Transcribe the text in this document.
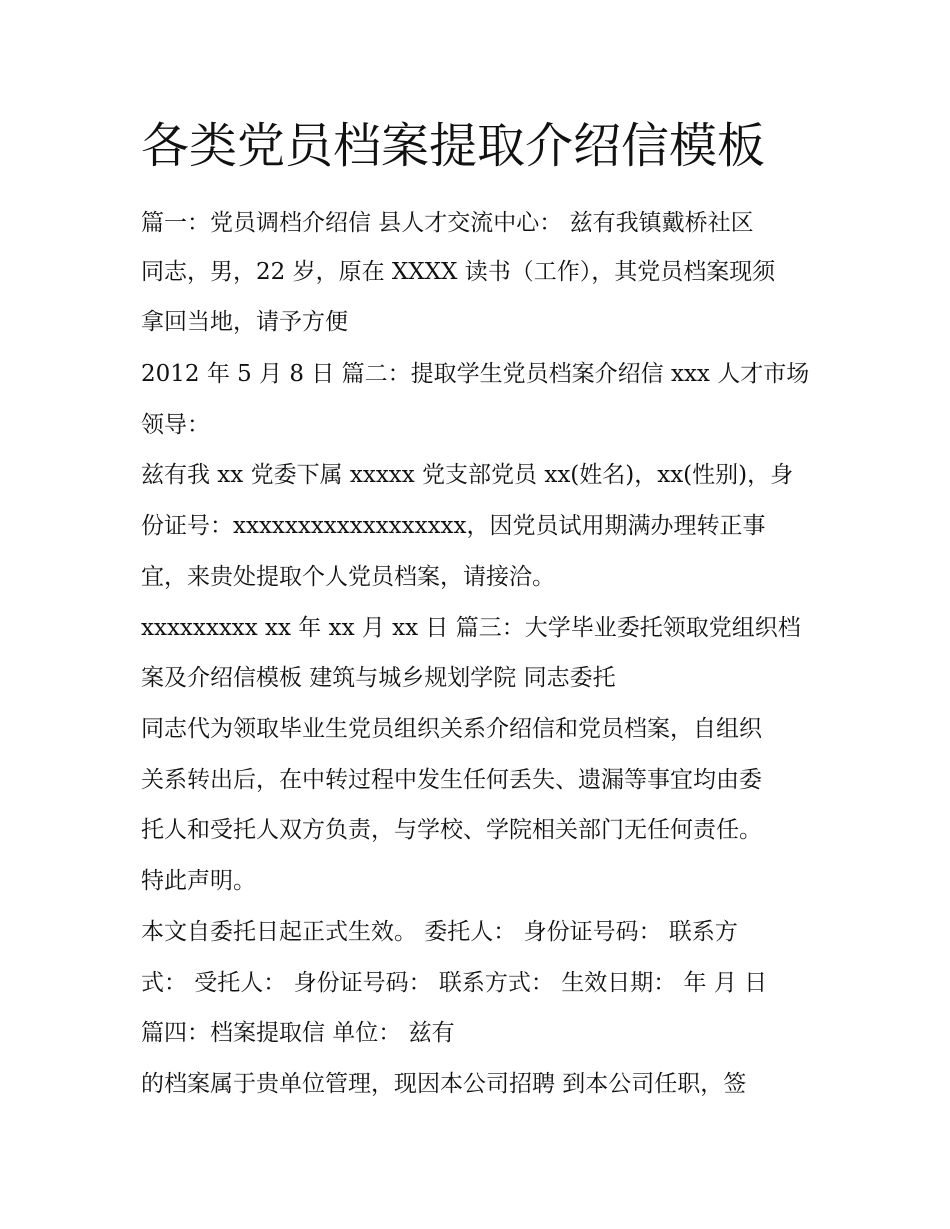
各类党员档案提取介绍信模板

篇一：党员调档介绍信 县人才交流中心： 兹有我镇戴桥社区

同志，男，22 岁，原在 XXXX 读书（工作），其党员档案现须

拿回当地，请予方便

2012 年 5 月 8 日 篇二：提取学生党员档案介绍信 xxx 人才市场

领导：

兹有我 xx 党委下属 xxxxx 党支部党员 xx(姓名)，xx(性别)，身

份证号：xxxxxxxxxxxxxxxxxx，因党员试用期满办理转正事

宜，来贵处提取个人党员档案，请接洽。

xxxxxxxxx xx 年 xx 月 xx 日 篇三：大学毕业委托领取党组织档

案及介绍信模板 建筑与城乡规划学院 同志委托

同志代为领取毕业生党员组织关系介绍信和党员档案，自组织

关系转出后，在中转过程中发生任何丢失、遗漏等事宜均由委

托人和受托人双方负责，与学校、学院相关部门无任何责任。

特此声明。

本文自委托日起正式生效。 委托人： 身份证号码： 联系方

式： 受托人： 身份证号码： 联系方式： 生效日期： 年 月 日

篇四：档案提取信 单位： 兹有

的档案属于贵单位管理，现因本公司招聘 到本公司任职，签
